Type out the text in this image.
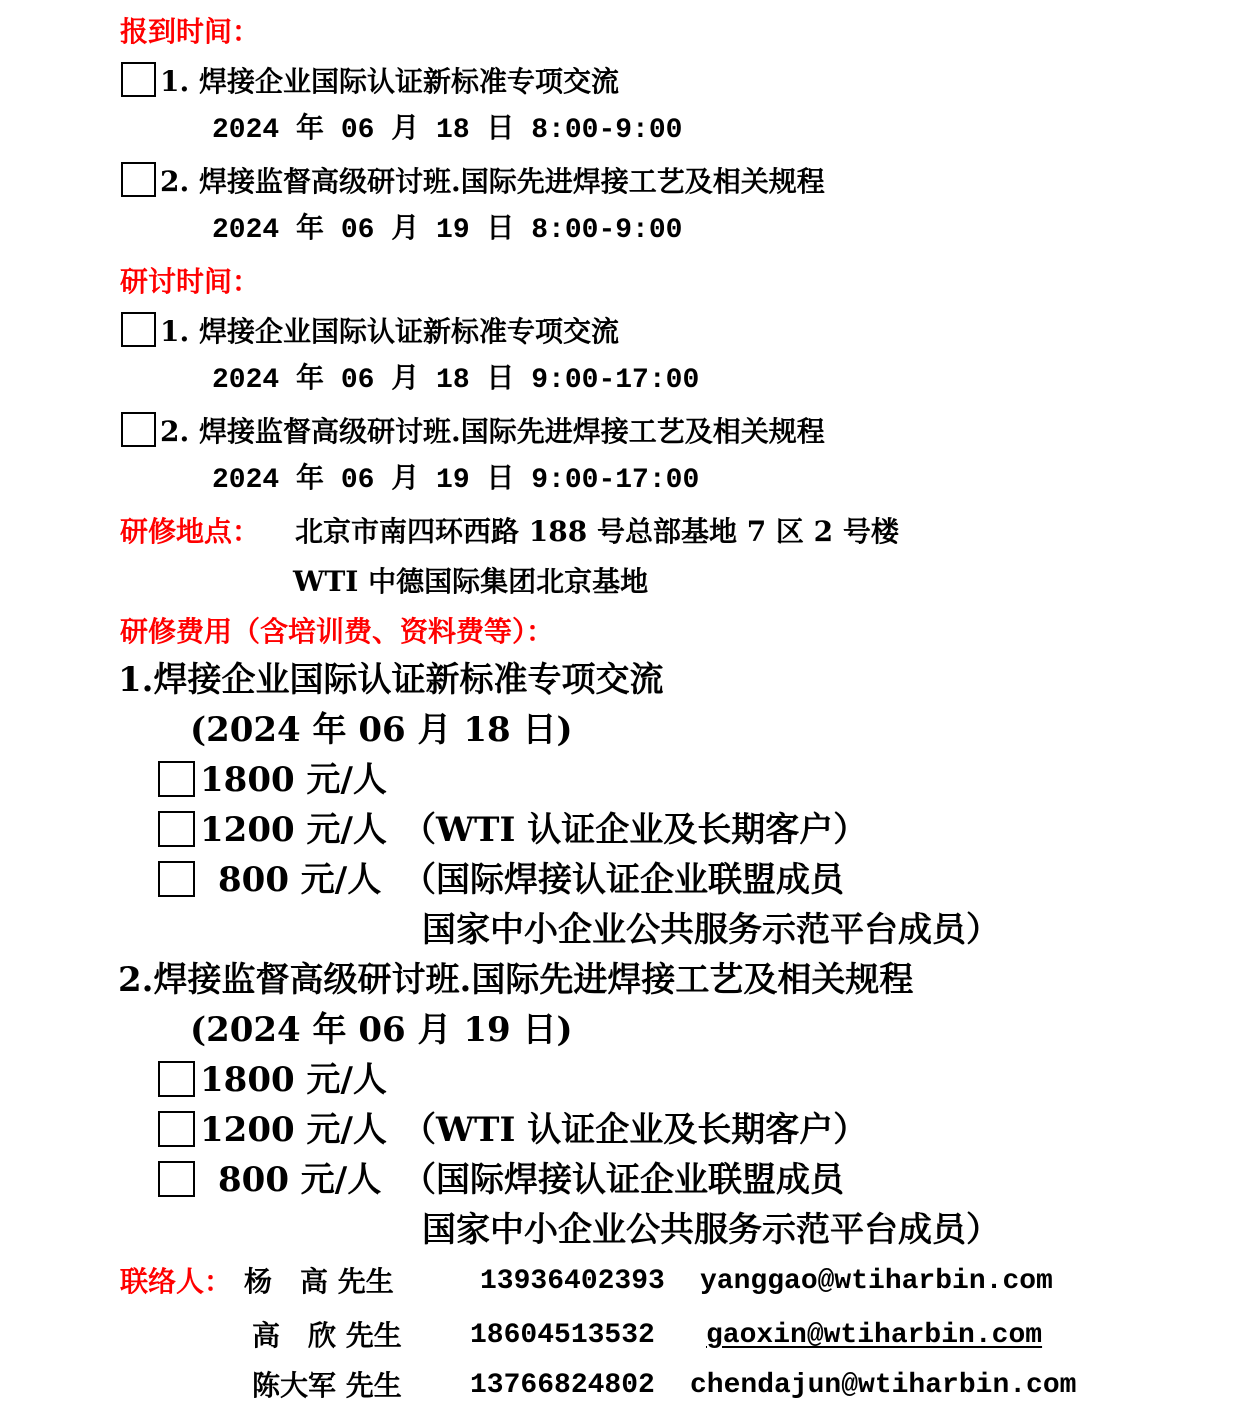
报到时间：
1. 焊接企业国际认证新标准专项交流
2024 年 06 月 18 日 8:00-9:00
2. 焊接监督高级研讨班.国际先进焊接工艺及相关规程
2024 年 06 月 19 日 8:00-9:00
研讨时间：
1. 焊接企业国际认证新标准专项交流
2024 年 06 月 18 日 9:00-17:00
2. 焊接监督高级研讨班.国际先进焊接工艺及相关规程
2024 年 06 月 19 日 9:00-17:00
研修地点： 北京市南四环西路 188 号总部基地 7 区 2 号楼
WTI 中德国际集团北京基地
研修费用（含培训费、资料费等）：
1.焊接企业国际认证新标准专项交流
(2024 年 06 月 18 日)
1800 元/人
1200 元/人 （WTI 认证企业及长期客户）
800 元/人 （国际焊接认证企业联盟成员
国家中小企业公共服务示范平台成员）
2.焊接监督高级研讨班.国际先进焊接工艺及相关规程
(2024 年 06 月 19 日)
1800 元/人
1200 元/人 （WTI 认证企业及长期客户）
800 元/人 （国际焊接认证企业联盟成员
国家中小企业公共服务示范平台成员）
联络人： 杨　高 先生	13936402393 yanggao@wtiharbin.com
高　欣 先生 18604513532 gaoxin@wtiharbin.com
陈大军 先生 13766824802 chendajun@wtiharbin.com
